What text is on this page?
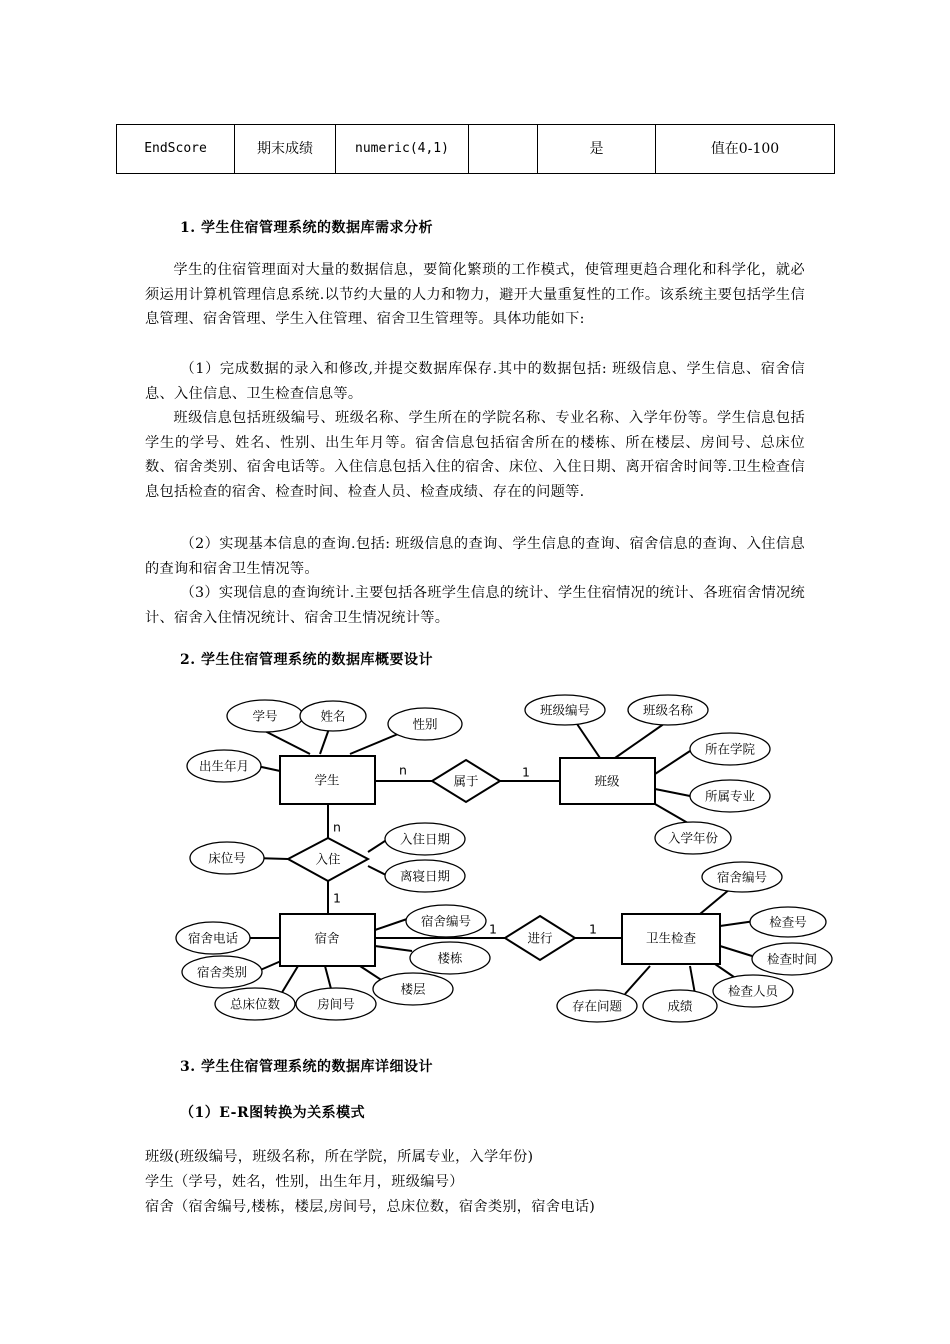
EndScore	期末成绩	numeric(4,1)		是	值在0-100
1. 学生住宿管理系统的数据库需求分析

学生的住宿管理面对大量的数据信息，要简化繁琐的工作模式，使管理更趋合理化和科学化，就必须运用计算机管理信息系统.以节约大量的人力和物力，避开大量重复性的工作。该系统主要包括学生信息管理、宿舍管理、学生入住管理、宿舍卫生管理等。具体功能如下:

（1）完成数据的录入和修改,并提交数据库保存.其中的数据包括: 班级信息、学生信息、宿舍信息、入住信息、卫生检查信息等。

班级信息包括班级编号、班级名称、学生所在的学院名称、专业名称、入学年份等。学生信息包括学生的学号、姓名、性别、出生年月等。宿舍信息包括宿舍所在的楼栋、所在楼层、房间号、总床位数、宿舍类别、宿舍电话等。入住信息包括入住的宿舍、床位、入住日期、离开宿舍时间等.卫生检查信息包括检查的宿舍、检查时间、检查人员、检查成绩、存在的问题等.

（2）实现基本信息的查询.包括: 班级信息的查询、学生信息的查询、宿舍信息的查询、入住信息的查询和宿舍卫生情况等。

（3）实现信息的查询统计.主要包括各班学生信息的统计、学生住宿情况的统计、各班宿舍情况统计、宿舍入住情况统计、宿舍卫生情况统计等。

2. 学生住宿管理系统的数据库概要设计
学生	班级
宿舍	卫生检查
属于
入住
进行
学号	姓名
性别
出生年月
班级编号	班级名称
所在学院
所属专业
入学年份
床位号
入住日期
离寝日期
宿舍电话
宿舍类别
总床位数	房间号
楼层
楼栋
宿舍编号
宿舍编号
检查号
检查时间
检查人员
成绩
存在问题
n	1
n
1
1	1
3. 学生住宿管理系统的数据库详细设计
（1）E-R图转换为关系模式
班级(班级编号，班级名称，所在学院，所属专业，入学年份)
学生（学号，姓名，性别，出生年月，班级编号）
宿舍（宿舍编号,楼栋，楼层,房间号，总床位数，宿舍类别，宿舍电话)
